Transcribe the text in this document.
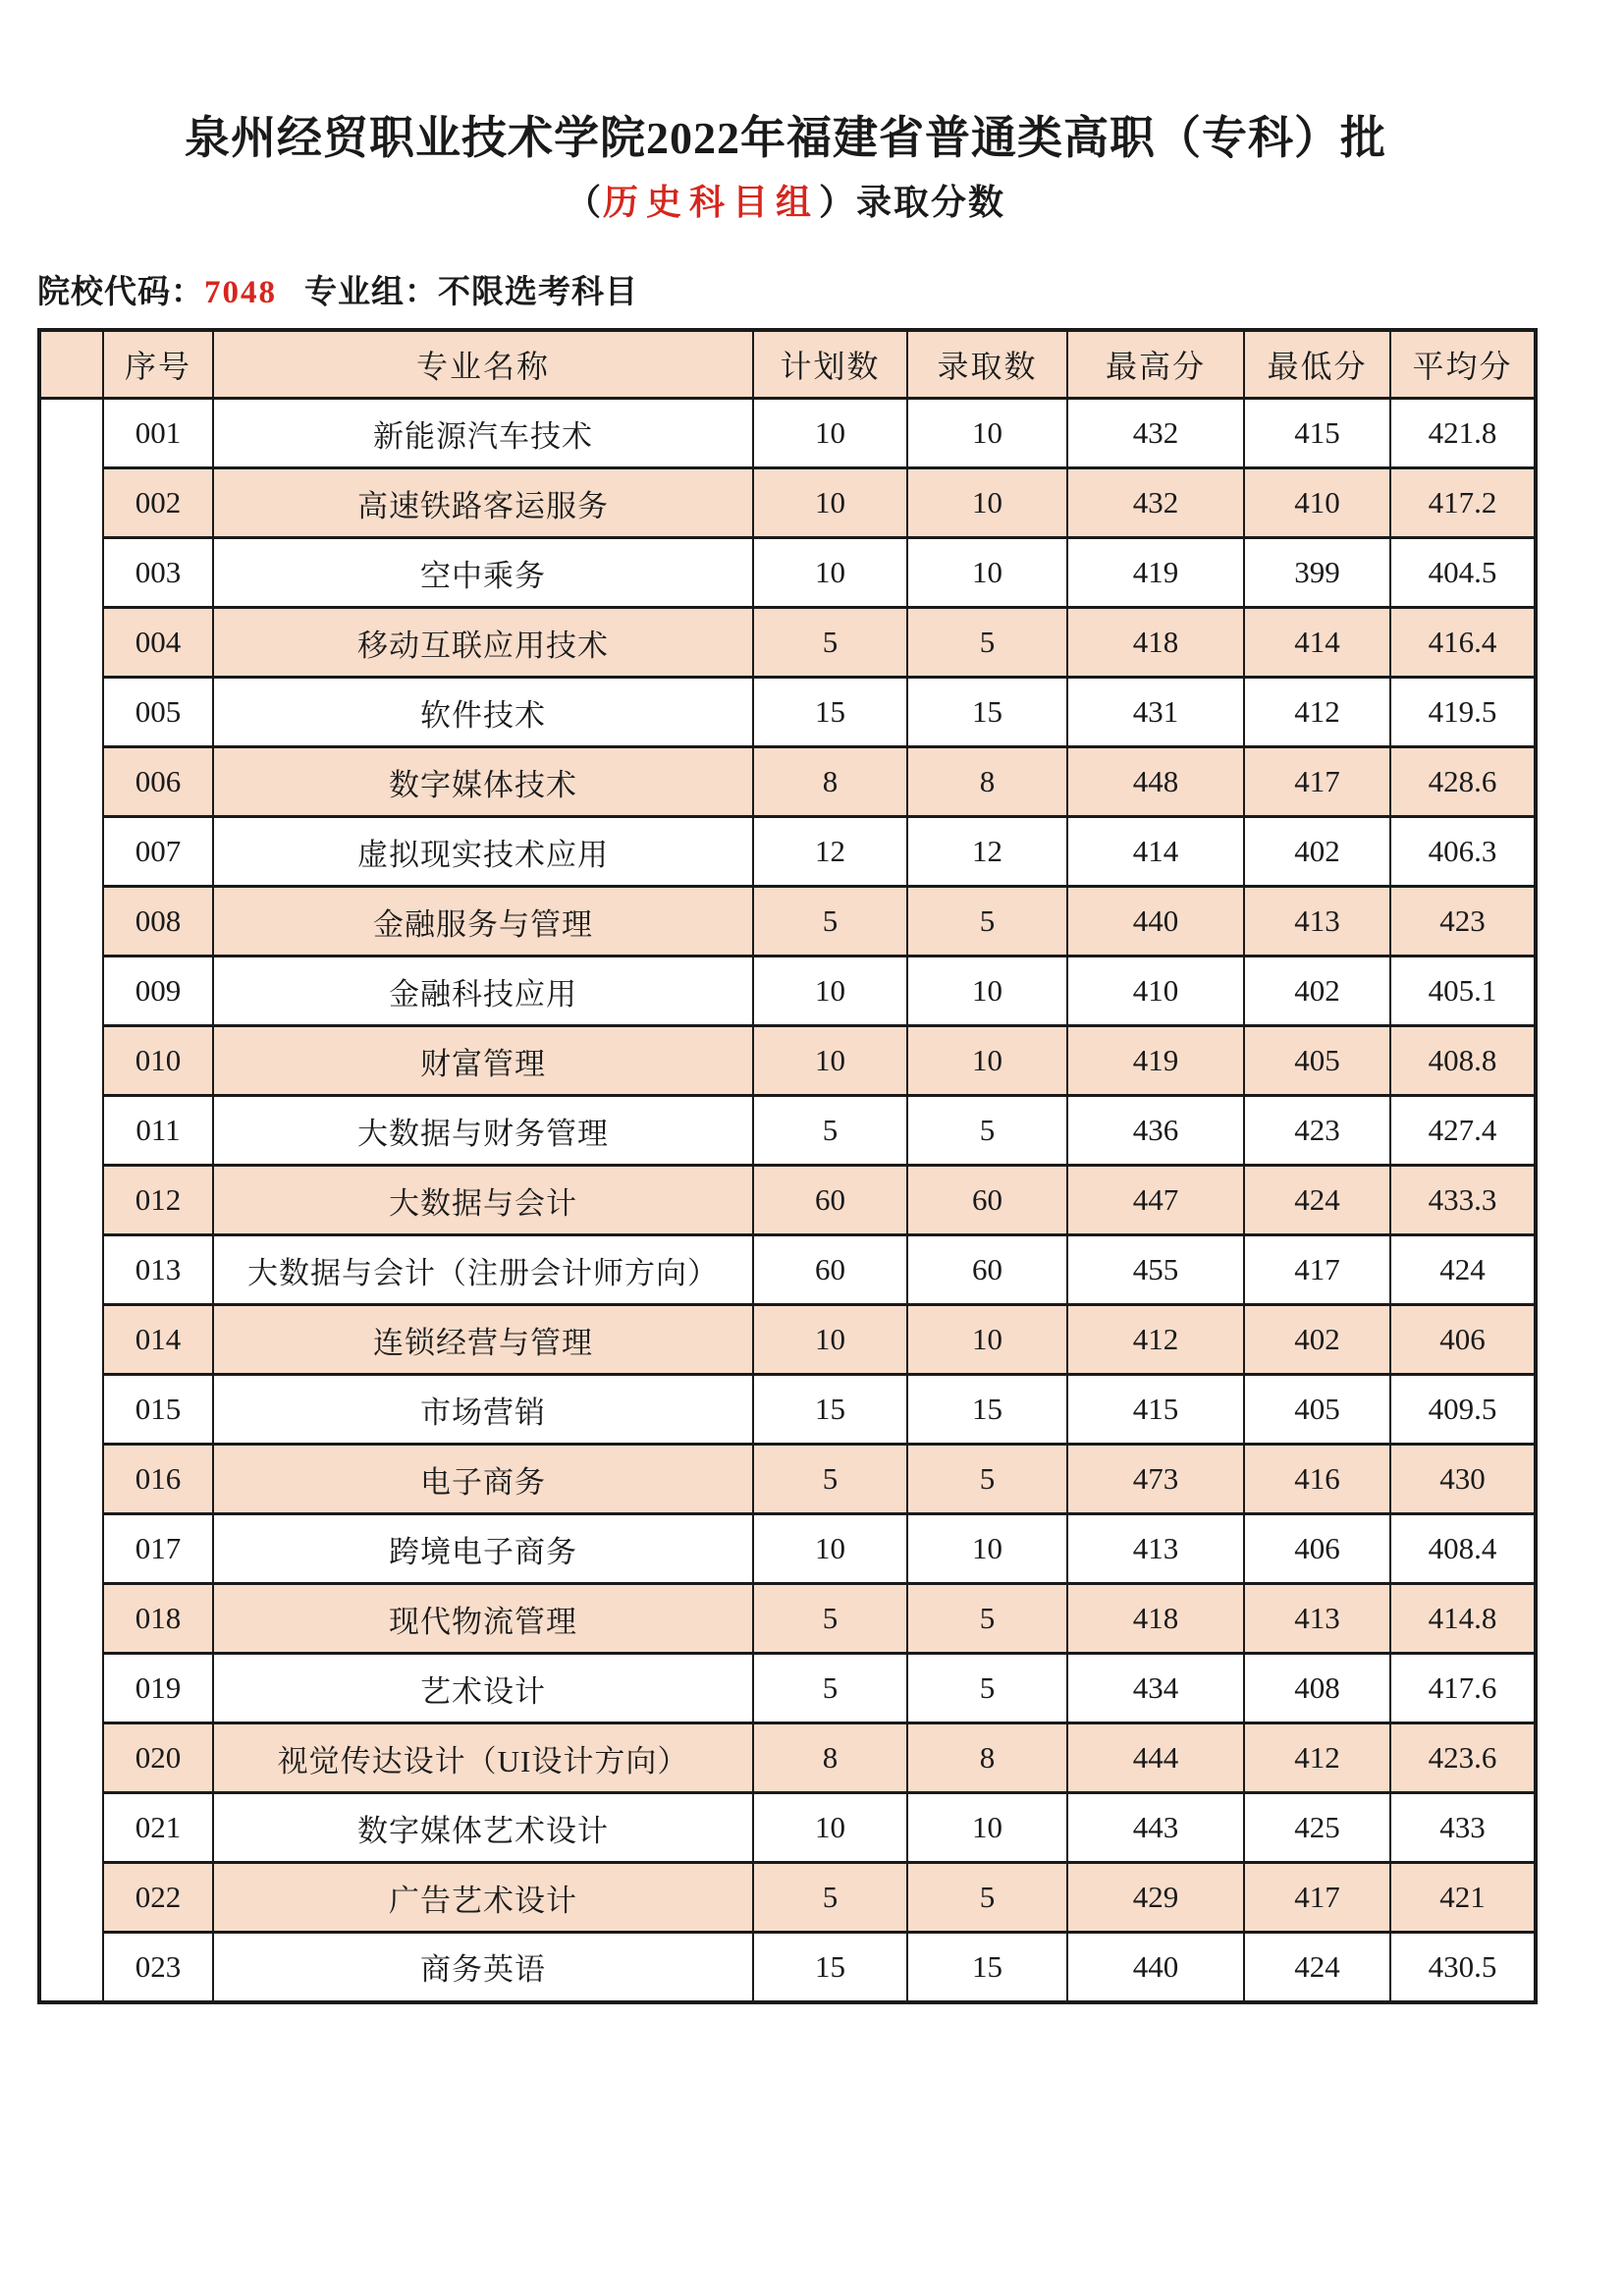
泉州经贸职业技术学院2022年福建省普通类高职（专科）批
（历史科目组）录取分数
院校代码：7048 专业组：不限选考科目
	序号	专业名称	计划数	录取数	最高分	最低分	平均分
	001	新能源汽车技术	10	10	432	415	421.8
	002	高速铁路客运服务	10	10	432	410	417.2
	003	空中乘务	10	10	419	399	404.5
	004	移动互联应用技术	5	5	418	414	416.4
	005	软件技术	15	15	431	412	419.5
	006	数字媒体技术	8	8	448	417	428.6
	007	虚拟现实技术应用	12	12	414	402	406.3
	008	金融服务与管理	5	5	440	413	423
	009	金融科技应用	10	10	410	402	405.1
	010	财富管理	10	10	419	405	408.8
	011	大数据与财务管理	5	5	436	423	427.4
	012	大数据与会计	60	60	447	424	433.3
	013	大数据与会计（注册会计师方向）	60	60	455	417	424
	014	连锁经营与管理	10	10	412	402	406
	015	市场营销	15	15	415	405	409.5
	016	电子商务	5	5	473	416	430
	017	跨境电子商务	10	10	413	406	408.4
	018	现代物流管理	5	5	418	413	414.8
	019	艺术设计	5	5	434	408	417.6
	020	视觉传达设计（UI设计方向）	8	8	444	412	423.6
	021	数字媒体艺术设计	10	10	443	425	433
	022	广告艺术设计	5	5	429	417	421
	023	商务英语	15	15	440	424	430.5
